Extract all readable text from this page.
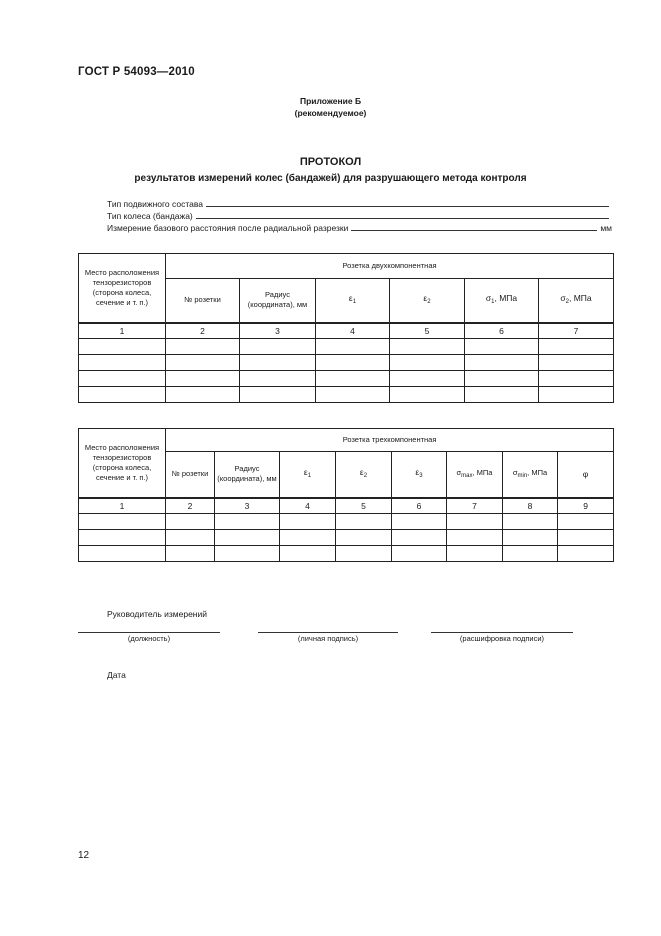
ГОСТ Р 54093—2010
Приложение Б
(рекомендуемое)
ПРОТОКОЛ
результатов измерений колес (бандажей) для разрушающего метода контроля
Тип подвижного состава
Тип колеса (бандажа)
Измерение базового расстояния после радиальной разрезки	мм
Место расположения тензорезисторов (сторона колеса, сечение и т. п.)	Розетка двухкомпонентная					
	№ розетки	Радиус (координата), мм	$\varepsilon_1$	$\varepsilon_2$	$\sigma_1$, МПа	$\sigma_2$, МПа
1	2	3	4	5	6	7

Место расположения тензорезисторов (сторона колеса, сечение и т. п.)	Розетка трехкомпонентная							
	№ розетки	Радиус (координата), мм	$\varepsilon_1$	$\varepsilon_2$	$\varepsilon_3$	$\sigma_{max}$, МПа	$\sigma_{min}$, МПа	φ
1	2	3	4	5	6	7	8	9

Руководитель измерений
(должность)	(личная подпись)	(расшифровка подписи)
Дата
12
